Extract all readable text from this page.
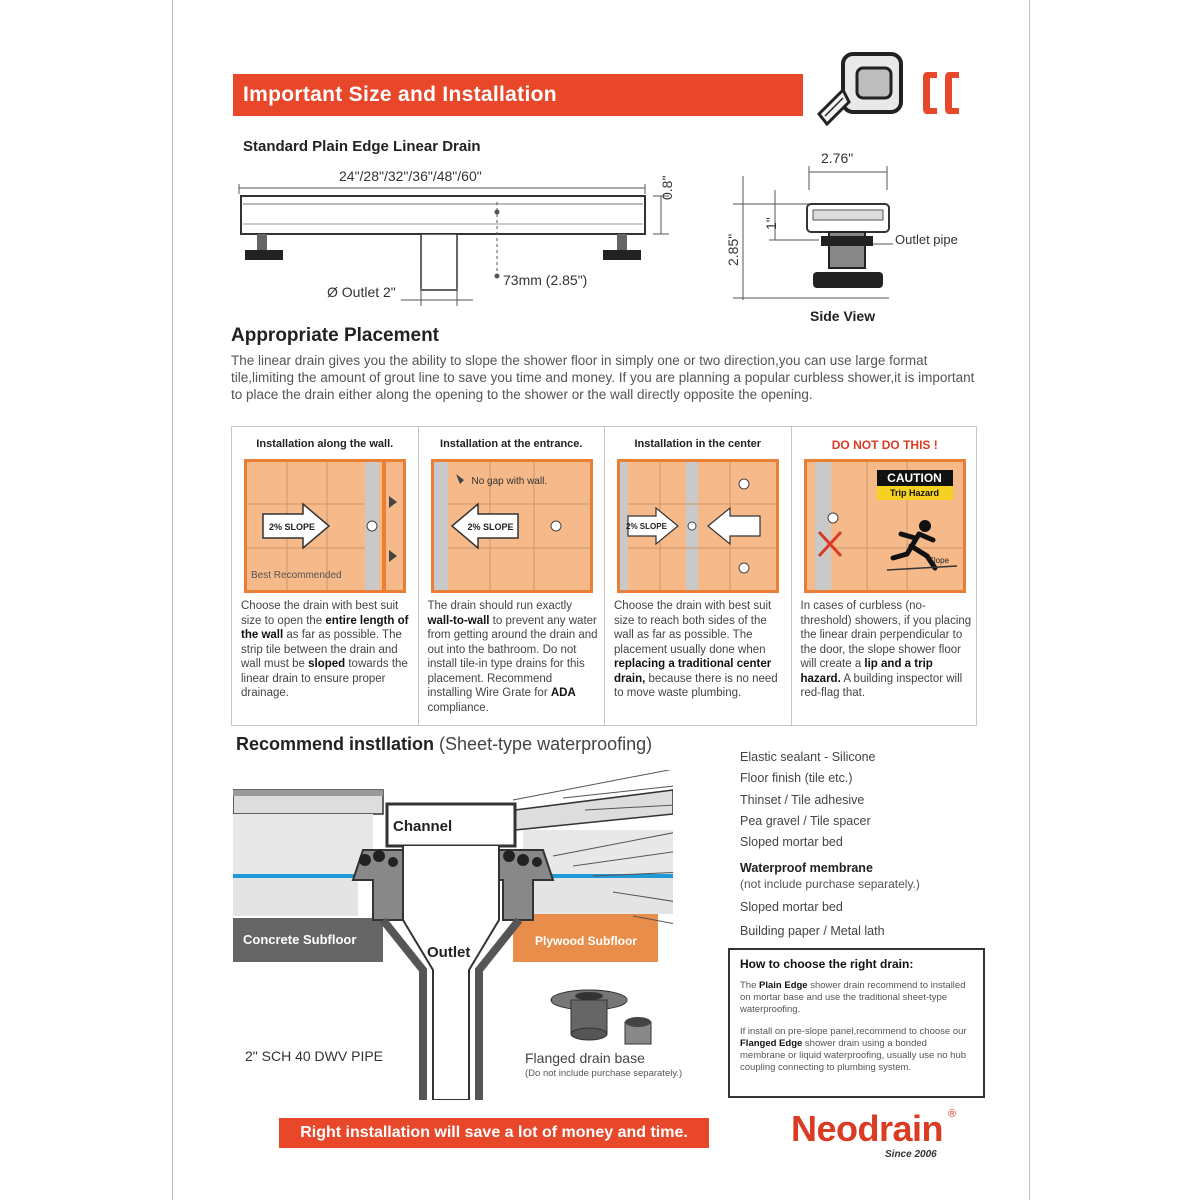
Important Size and Installation
Standard Plain Edge Linear Drain
24"/28"/32"/36"/48"/60"	0.8"
73mm (2.85")
Ø Outlet 2"
2.76"
1"
2.85"	Outlet pipe
Side View
Appropriate Placement
The linear drain gives you the ability to slope the shower floor in simply one or two direction,you can use large format tile,limiting the amount of grout line to save you time and money. If you are planning a popular curbless shower,it is important to place the drain either along the opening to the shower or the wall directly opposite the opening.
Installation along the wall.
2% SLOPE
Best Recommended
Choose the drain with best suit size to open the entire length of the wall as far as possible. The strip tile between the drain and wall must be sloped towards the linear drain to ensure proper drainage.
Installation at the entrance.
2% SLOPE
No gap with wall.
The drain should run exactly wall-to-wall to prevent any water from getting around the drain and out into the bathroom. Do not install tile-in type drains for this placement. Recommend installing Wire Grate for ADA compliance.
Installation in the center
2% SLOPE
Choose the drain with best suit size to reach both sides of the wall as far as possible. The placement usually done when replacing a traditional center drain, because there is no need to move waste plumbing.
DO NOT DO THIS !
CAUTION
Trip Hazard
Slope
In cases of curbless (no-threshold) showers, if you placing the linear drain perpendicular to the door, the slope shower floor will create a lip and a trip hazard. A building inspector will red-flag that.
Recommend instllation (Sheet-type waterproofing)
Channel
Outlet
Concrete Subfloor	Plywood Subfloor
2" SCH 40 DWV PIPE	Flanged drain base
(Do not include purchase separately.)
Elastic sealant - Silicone
Floor finish (tile etc.)
Thinset / Tile adhesive
Pea gravel / Tile spacer
Sloped mortar bed
Waterproof membrane
(not include purchase separately.)
Sloped mortar bed
Building paper / Metal lath
How to choose the right drain:
The Plain Edge shower drain recommend to installed on mortar base and use the traditional sheet-type waterproofing.
If install on pre-slope panel,recommend to choose our Flanged Edge shower drain using a bonded membrane or liquid waterproofing, usually use no hub coupling connecting to plumbing system.
Right installation will save a lot of money and time.	Neodrain ®
Since 2006
